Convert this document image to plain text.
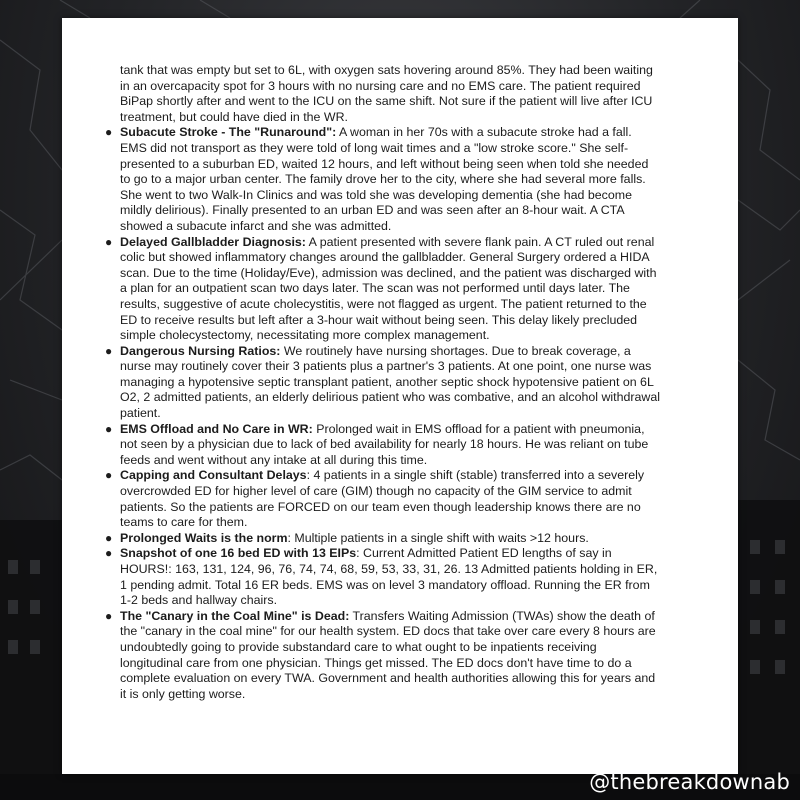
tank that was empty but set to 6L, with oxygen sats hovering around 85%. They had been waiting in an overcapacity spot for 3 hours with no nursing care and no EMS care. The patient required BiPap shortly after and went to the ICU on the same shift. Not sure if the patient will live after ICU treatment, but could have died in the WR.

● Subacute Stroke - The "Runaround": A woman in her 70s with a subacute stroke had a fall. EMS did not transport as they were told of long wait times and a "low stroke score." She self-presented to a suburban ED, waited 12 hours, and left without being seen when told she needed to go to a major urban center. The family drove her to the city, where she had several more falls. She went to two Walk-In Clinics and was told she was developing dementia (she had become mildly delirious). Finally presented to an urban ED and was seen after an 8-hour wait. A CTA showed a subacute infarct and she was admitted.
● Delayed Gallbladder Diagnosis: A patient presented with severe flank pain. A CT ruled out renal colic but showed inflammatory changes around the gallbladder. General Surgery ordered a HIDA scan. Due to the time (Holiday/Eve), admission was declined, and the patient was discharged with a plan for an outpatient scan two days later. The scan was not performed until days later. The results, suggestive of acute cholecystitis, were not flagged as urgent. The patient returned to the ED to receive results but left after a 3-hour wait without being seen. This delay likely precluded simple cholecystectomy, necessitating more complex management.
● Dangerous Nursing Ratios: We routinely have nursing shortages. Due to break coverage, a nurse may routinely cover their 3 patients plus a partner's 3 patients. At one point, one nurse was managing a hypotensive septic transplant patient, another septic shock hypotensive patient on 6L O2, 2 admitted patients, an elderly delirious patient who was combative, and an alcohol withdrawal patient.
● EMS Offload and No Care in WR: Prolonged wait in EMS offload for a patient with pneumonia, not seen by a physician due to lack of bed availability for nearly 18 hours. He was reliant on tube feeds and went without any intake at all during this time.
● Capping and Consultant Delays: 4 patients in a single shift (stable) transferred into a severely overcrowded ED for higher level of care (GIM) though no capacity of the GIM service to admit patients. So the patients are FORCED on our team even though leadership knows there are no teams to care for them.
● Prolonged Waits is the norm: Multiple patients in a single shift with waits >12 hours.
● Snapshot of one 16 bed ED with 13 EIPs: Current Admitted Patient ED lengths of say in HOURS!: 163, 131, 124, 96, 76, 74, 74, 68, 59, 53, 33, 31, 26. 13 Admitted patients holding in ER, 1 pending admit. Total 16 ER beds. EMS was on level 3 mandatory offload. Running the ER from 1-2 beds and hallway chairs.
● The "Canary in the Coal Mine" is Dead: Transfers Waiting Admission (TWAs) show the death of the "canary in the coal mine" for our health system. ED docs that take over care every 8 hours are undoubtedly going to provide substandard care to what ought to be inpatients receiving longitudinal care from one physician. Things get missed. The ED docs don't have time to do a complete evaluation on every TWA. Government and health authorities allowing this for years and it is only getting worse.
@thebreakdownab
